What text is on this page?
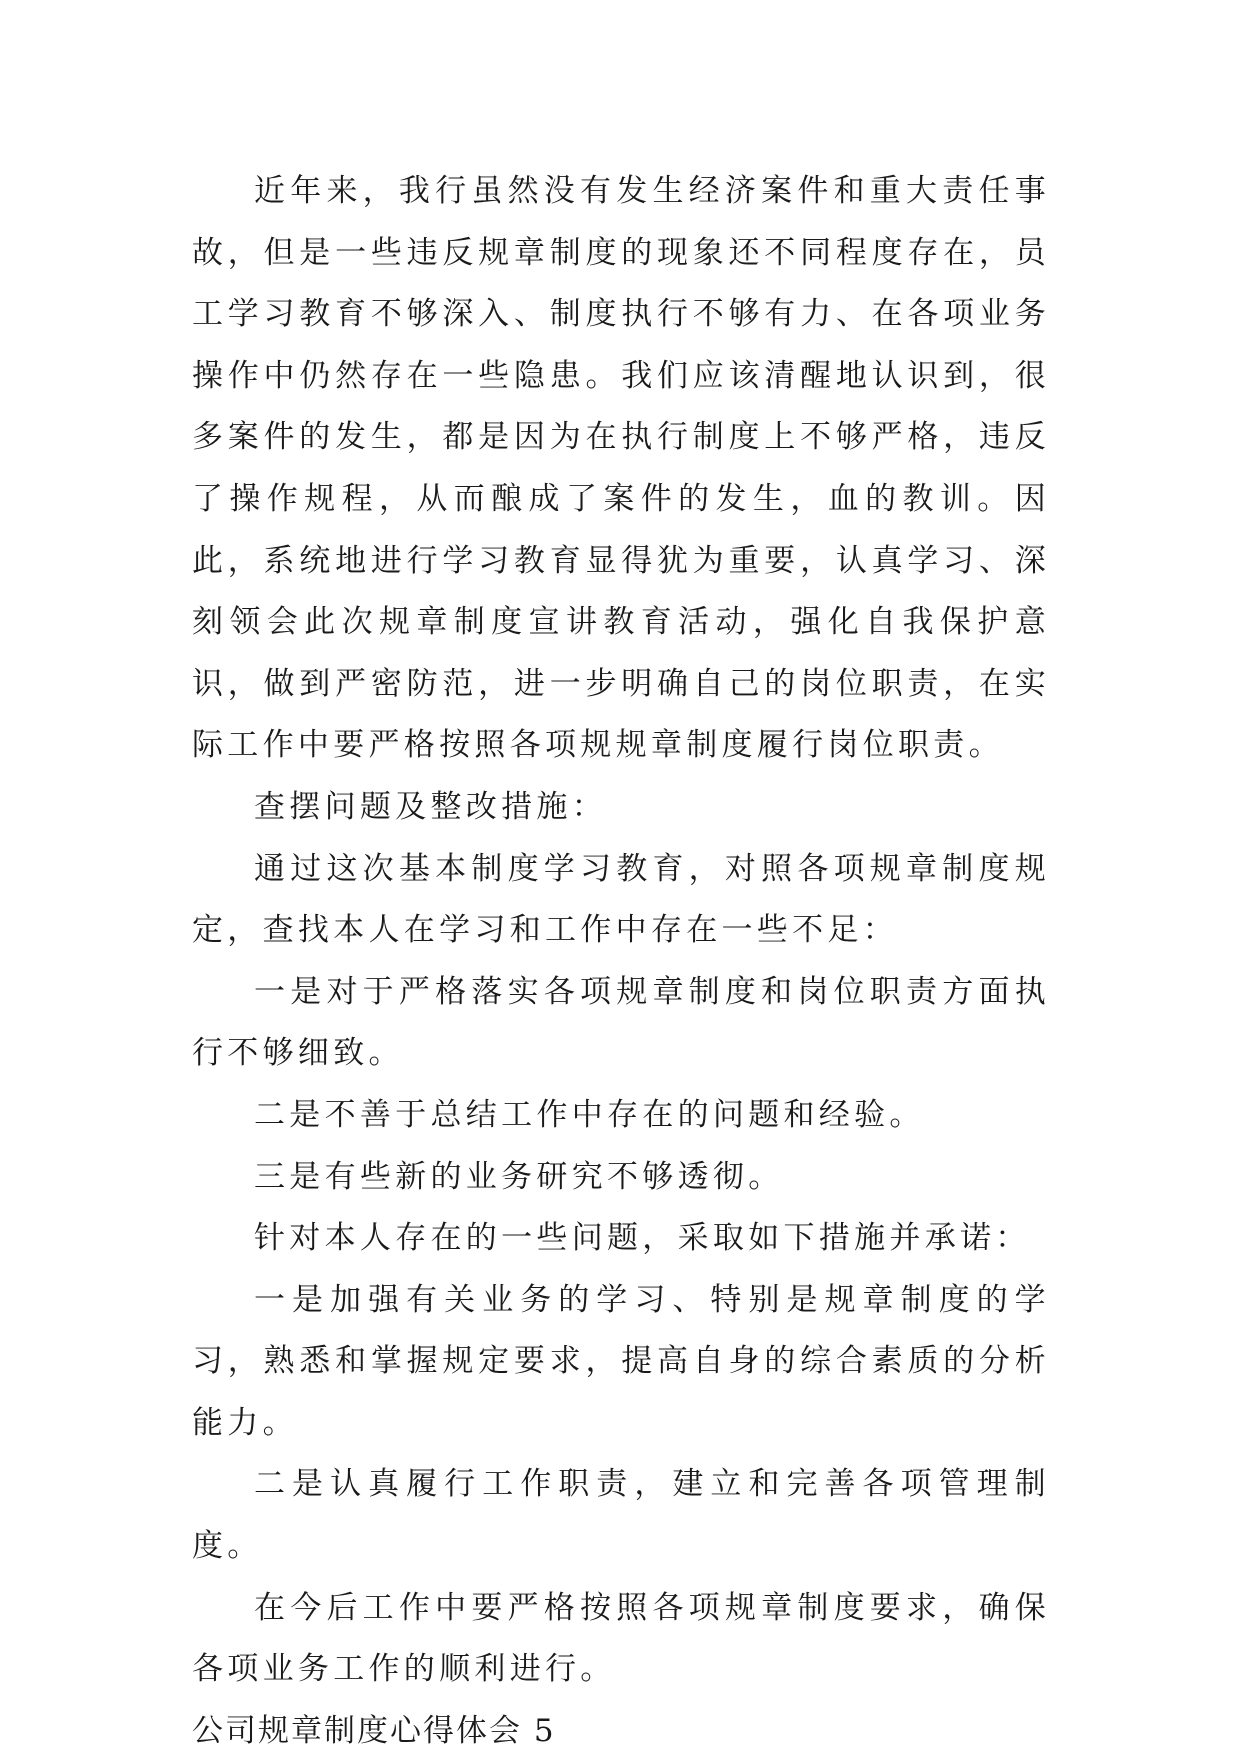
近年来，我行虽然没有发生经济案件和重大责任事故，但是一些违反规章制度的现象还不同程度存在，员工学习教育不够深入、制度执行不够有力、在各项业务操作中仍然存在一些隐患。我们应该清醒地认识到，很多案件的发生，都是因为在执行制度上不够严格，违反了操作规程，从而酿成了案件的发生，血的教训。因此，系统地进行学习教育显得犹为重要，认真学习、深刻领会此次规章制度宣讲教育活动，强化自我保护意识，做到严密防范，进一步明确自己的岗位职责，在实际工作中要严格按照各项规规章制度履行岗位职责。

查摆问题及整改措施：

通过这次基本制度学习教育，对照各项规章制度规定，查找本人在学习和工作中存在一些不足：

一是对于严格落实各项规章制度和岗位职责方面执行不够细致。

二是不善于总结工作中存在的问题和经验。

三是有些新的业务研究不够透彻。

针对本人存在的一些问题，采取如下措施并承诺：

一是加强有关业务的学习、特别是规章制度的学习，熟悉和掌握规定要求，提高自身的综合素质的分析能力。

二是认真履行工作职责，建立和完善各项管理制度。

在今后工作中要严格按照各项规章制度要求，确保各项业务工作的顺利进行。

公司规章制度心得体会 5
